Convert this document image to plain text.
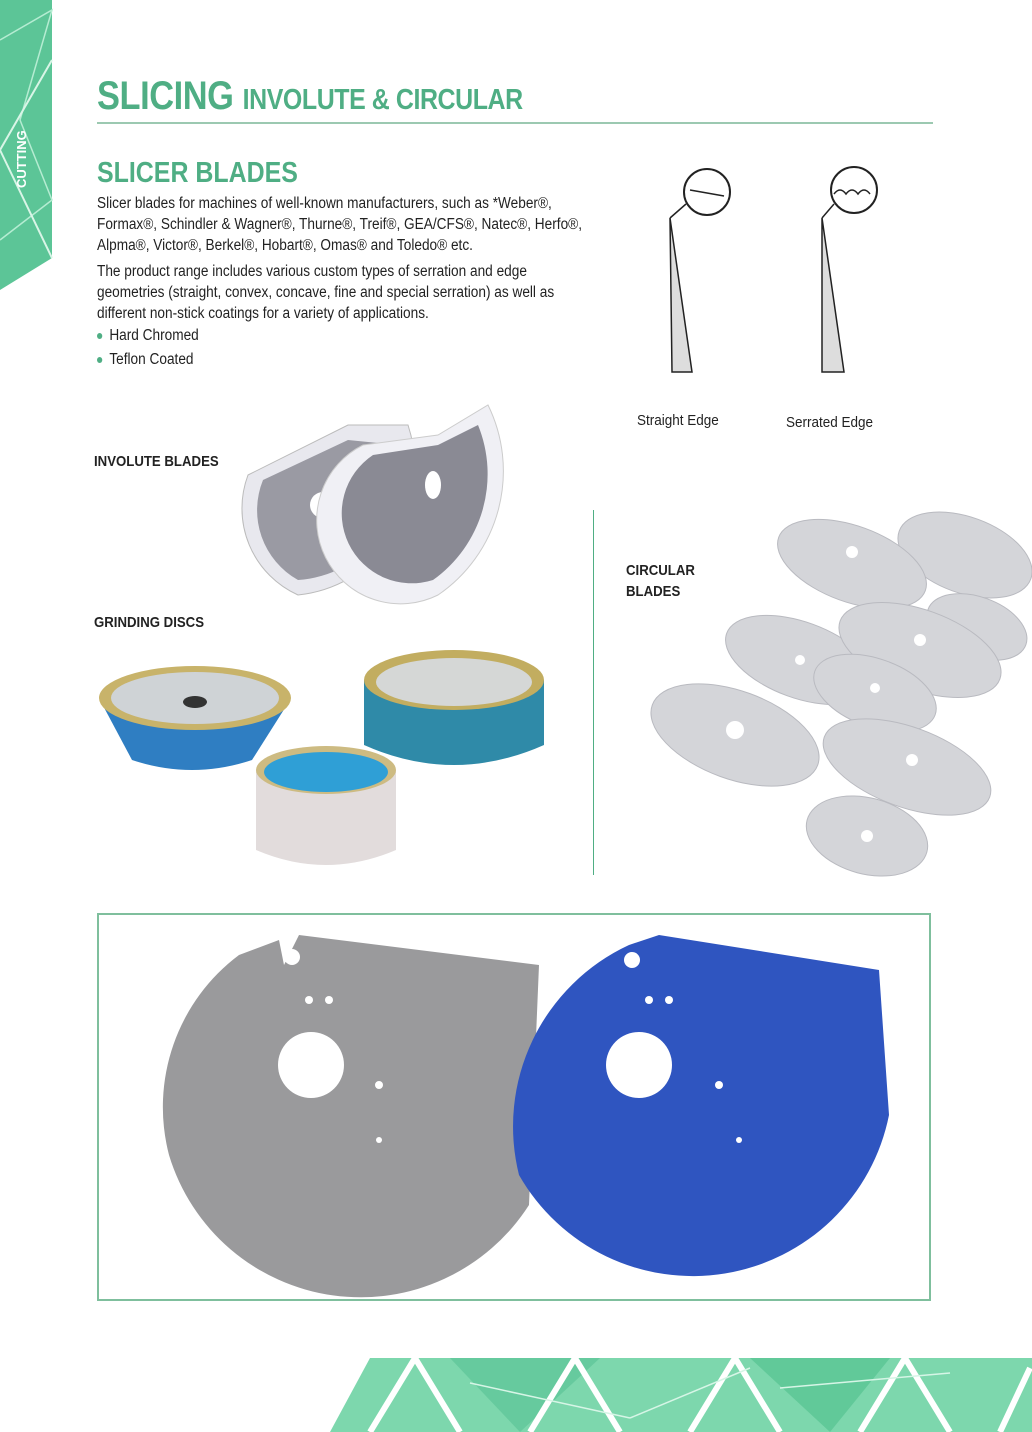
CUTTING
SLICING INVOLUTE & CIRCULAR
SLICER BLADES
Slicer blades for machines of well-known manufacturers, such as *Weber®, Formax®, Schindler & Wagner®, Thurne®, Treif®, GEA/CFS®, Natec®, Herfo®, Alpma®, Victor®, Berkel®, Hobart®, Omas® and Toledo® etc.
The product range includes various custom types of serration and edge geometries (straight, convex, concave, fine and special serration) as well as different non-stick coatings for a variety of applications.
Hard Chromed
Teflon Coated
Straight Edge	Serrated Edge
INVOLUTE BLADES
GRINDING DISCS
CIRCULAR
BLADES
